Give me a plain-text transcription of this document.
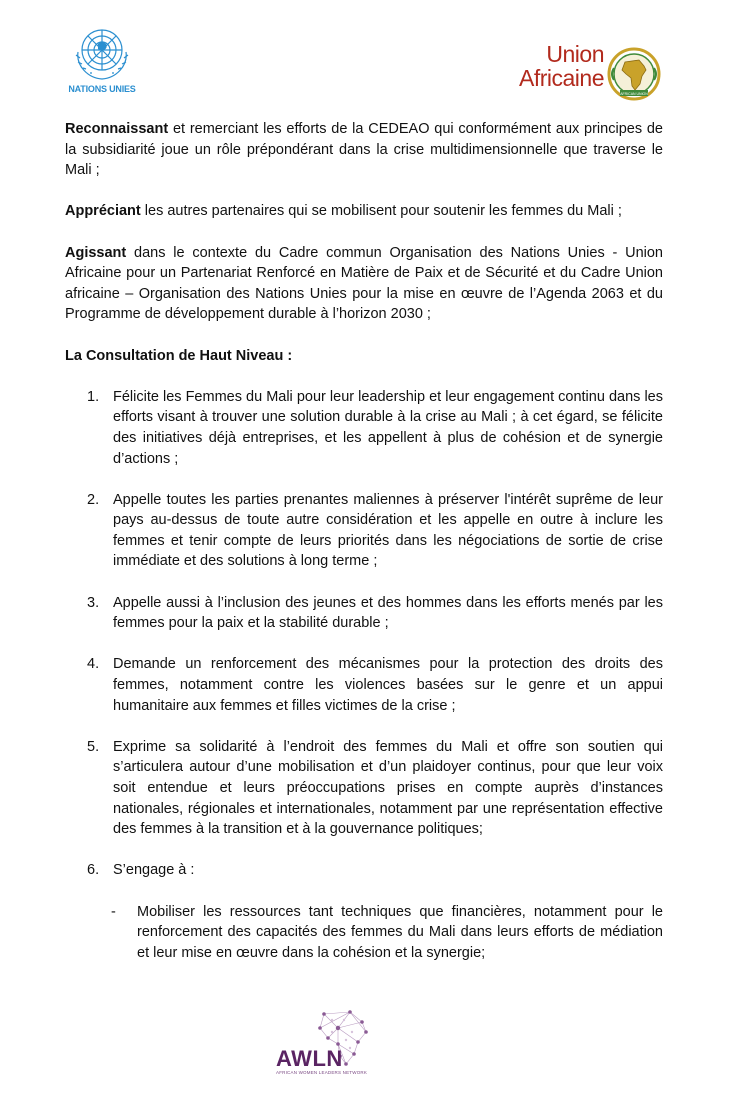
NATIONS UNIES
Union
Africaine
AFRICAN UNION

Reconnaissant et remerciant les efforts de la CEDEAO qui conformément aux principes de la subsidiarité joue un rôle prépondérant dans la crise multidimensionnelle que traverse le Mali ;

Appréciant les autres partenaires qui se mobilisent pour soutenir les femmes du Mali ;

Agissant dans le contexte du Cadre commun Organisation des Nations Unies - Union Africaine pour un Partenariat Renforcé en Matière de Paix et de Sécurité et du Cadre Union africaine – Organisation des Nations Unies pour la mise en œuvre de l’Agenda 2063 et du Programme de développement durable à l’horizon 2030 ;

La Consultation de Haut Niveau :

1. Félicite les Femmes du Mali pour leur leadership et leur engagement continu dans les efforts visant à trouver une solution durable à la crise au Mali ; à cet égard, se félicite des initiatives déjà entreprises, et les appellent à plus de cohésion et de synergie d’actions ;
2. Appelle toutes les parties prenantes maliennes à préserver l'intérêt suprême de leur pays au-dessus de toute autre considération et les appelle en outre à inclure les femmes et tenir compte de leurs priorités dans les négociations de sortie de crise immédiate et des solutions à long terme ;
3. Appelle aussi à l’inclusion des jeunes et des hommes dans les efforts menés par les femmes pour la paix et la stabilité durable ;
4. Demande un renforcement des mécanismes pour la protection des droits des femmes, notamment contre les violences basées sur le genre et un appui humanitaire aux femmes et filles victimes de la crise ;
5. Exprime sa solidarité à l’endroit des femmes du Mali et offre son soutien qui s’articulera autour d’une mobilisation et d’un plaidoyer continus, pour que leur voix soit entendue et leurs préoccupations prises en compte auprès d’instances nationales, régionales et internationales, notamment par une représentation effective des femmes à la transition et à la gouvernance politiques;
6. S’engage à :
- Mobiliser les ressources tant techniques que financières, notamment pour le renforcement des capacités des femmes du Mali dans leurs efforts de médiation et leur mise en œuvre dans la cohésion et la synergie;
AWLN
AFRICAN WOMEN LEADERS NETWORK
